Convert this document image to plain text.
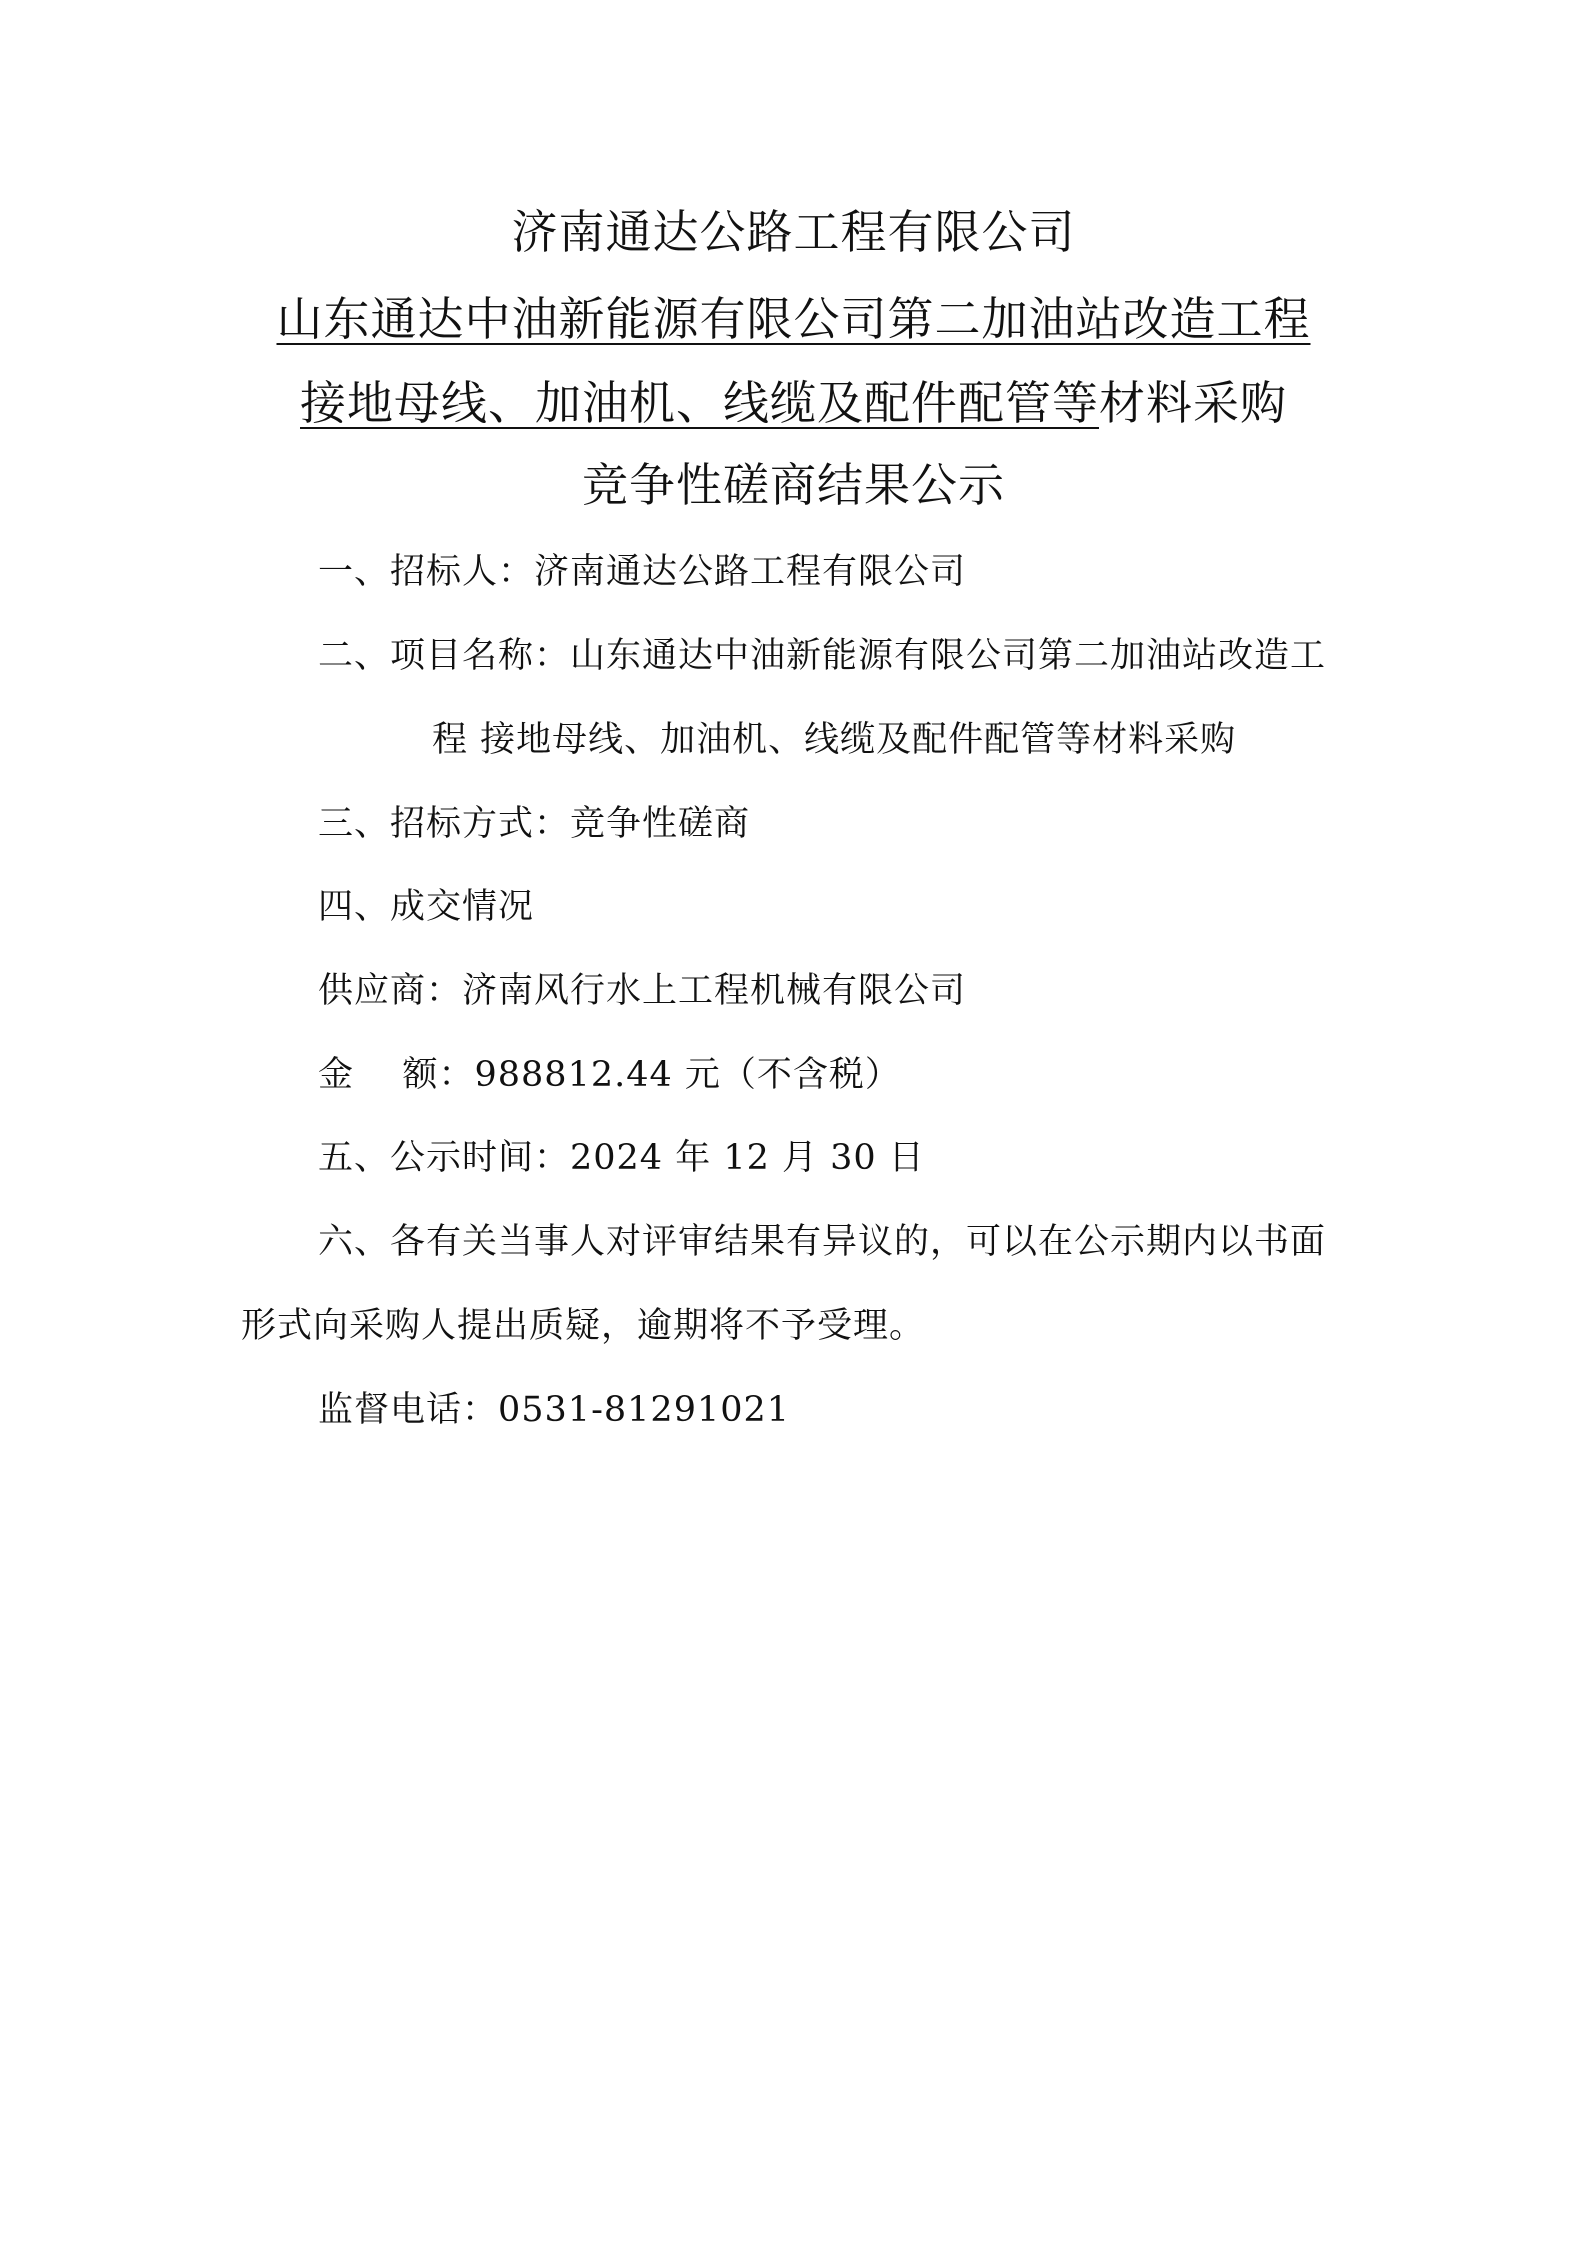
济南通达公路工程有限公司
山东通达中油新能源有限公司第二加油站改造工程
接地母线、加油机、线缆及配件配管等材料采购
竞争性磋商结果公示
一、招标人：济南通达公路工程有限公司
二、项目名称：山东通达中油新能源有限公司第二加油站改造工
程 接地母线、加油机、线缆及配件配管等材料采购
三、招标方式：竞争性磋商
四、成交情况
供应商：济南风行水上工程机械有限公司
金    额：988812.44 元（不含税）
五、公示时间：2024 年 12 月 30 日
六、各有关当事人对评审结果有异议的，可以在公示期内以书面
形式向采购人提出质疑，逾期将不予受理。
监督电话：0531-81291021
